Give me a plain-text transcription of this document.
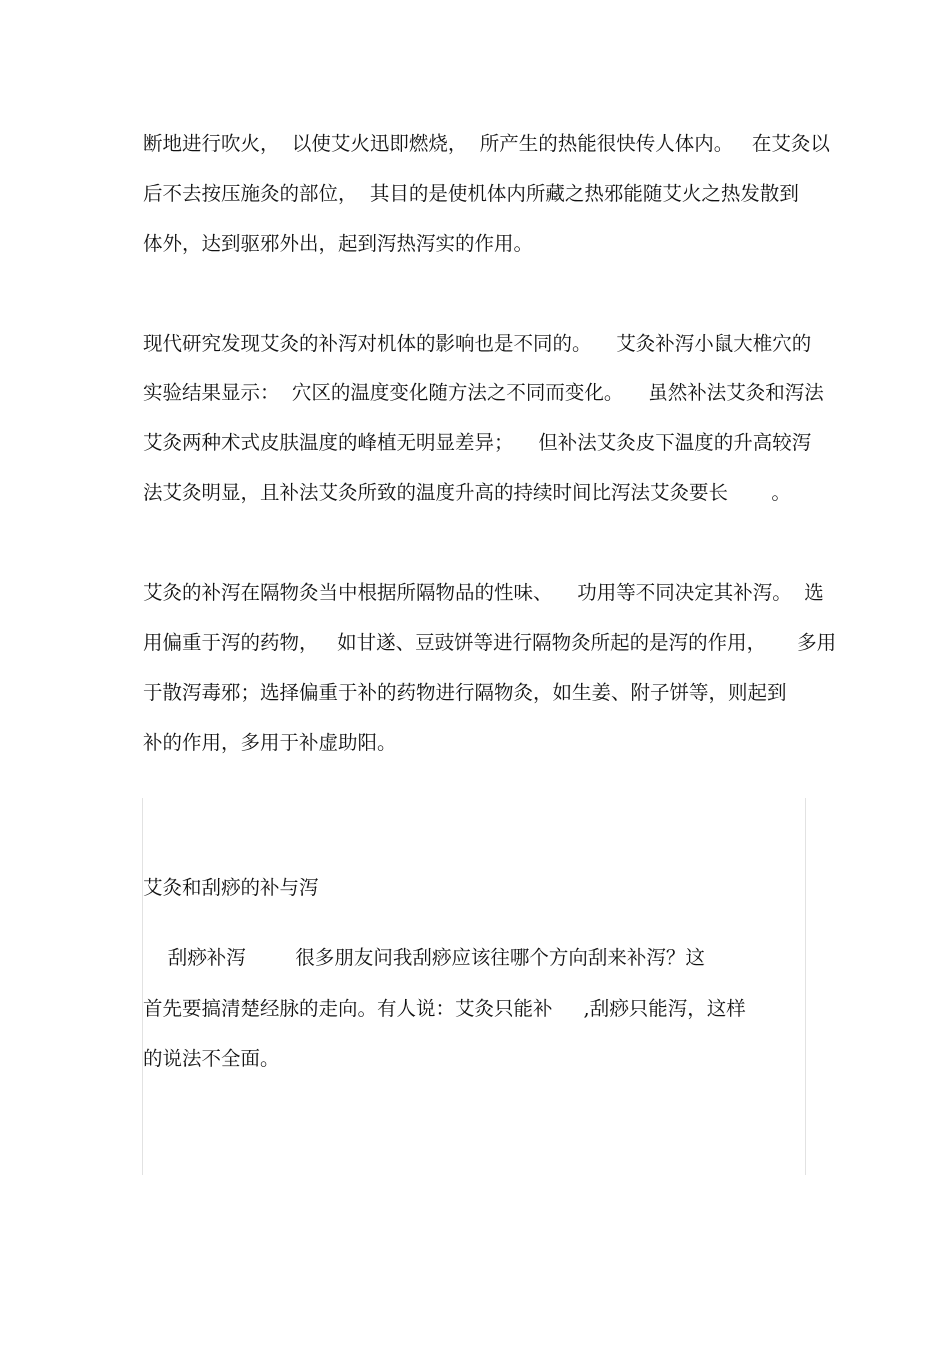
断地进行吹火，  以使艾火迅即燃烧，  所产生的热能很快传人体内。   在艾灸以
后不去按压施灸的部位，  其目的是使机体内所藏之热邪能随艾火之热发散到
体外，达到驱邪外出，起到泻热泻实的作用。
现代研究发现艾灸的补泻对机体的影响也是不同的。    艾灸补泻小鼠大椎穴的
实验结果显示：  穴区的温度变化随方法之不同而变化。    虽然补法艾灸和泻法
艾灸两种术式皮肤温度的峰植无明显差异；    但补法艾灸皮下温度的升高较泻
法艾灸明显，且补法艾灸所致的温度升高的持续时间比泻法艾灸要长       。
艾灸的补泻在隔物灸当中根据所隔物品的性味、    功用等不同决定其补泻。  选
用偏重于泻的药物，   如甘遂、豆豉饼等进行隔物灸所起的是泻的作用，     多用
于散泻毒邪；选择偏重于补的药物进行隔物灸，如生姜、附子饼等，则起到
补的作用，多用于补虚助阳。
艾灸和刮痧的补与泻
刮痧补泻        很多朋友问我刮痧应该往哪个方向刮来补泻？这
首先要搞清楚经脉的走向。有人说：艾灸只能补     ,刮痧只能泻，这样
的说法不全面。
